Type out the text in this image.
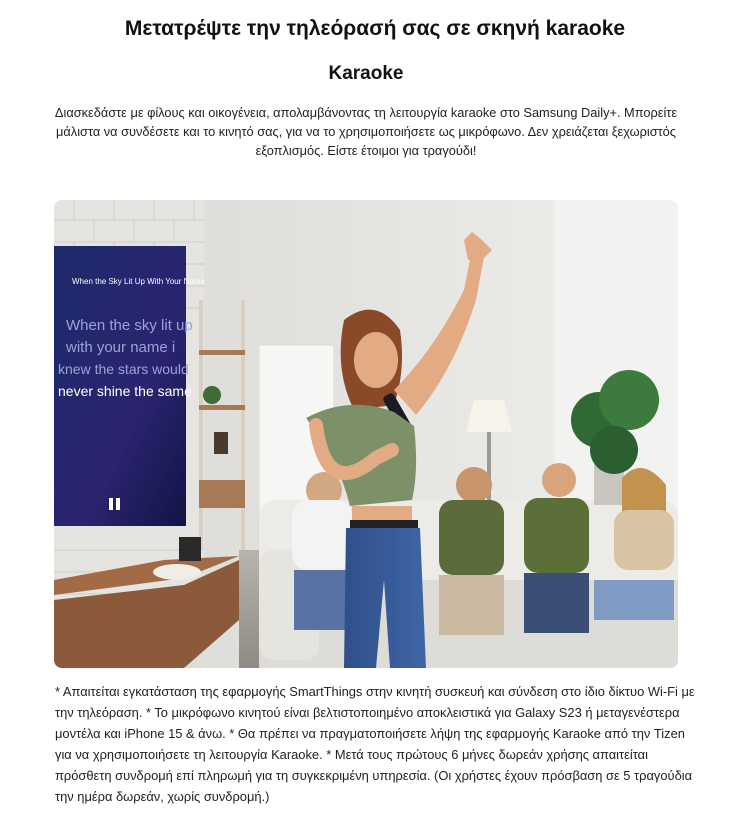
Μετατρέψτε την τηλεόρασή σας σε σκηνή karaoke
Karaoke

Διασκεδάστε με φίλους και οικογένεια, απολαμβάνοντας τη λειτουργία karaoke στο Samsung Daily+. Μπορείτε μάλιστα να συνδέσετε και το κινητό σας, για να το χρησιμοποιήσετε ως μικρόφωνο. Δεν χρειάζεται ξεχωριστός εξοπλισμός. Είστε έτοιμοι για τραγούδι!

When the Sky Lit Up With Your Name
When the sky lit up
with your name i
knew the stars would
never shine the same

* Απαιτείται εγκατάσταση της εφαρμογής SmartThings στην κινητή συσκευή και σύνδεση στο ίδιο δίκτυο Wi-Fi με την τηλεόραση. * Το μικρόφωνο κινητού είναι βελτιστοποιημένο αποκλειστικά για Galaxy S23 ή μεταγενέστερα μοντέλα και iPhone 15 & άνω. * Θα πρέπει να πραγματοποιήσετε λήψη της εφαρμογής Karaoke από την Tizen για να χρησιμοποιήσετε τη λειτουργία Karaoke. * Μετά τους πρώτους 6 μήνες δωρεάν χρήσης απαιτείται πρόσθετη συνδρομή επί πληρωμή για τη συγκεκριμένη υπηρεσία. (Οι χρήστες έχουν πρόσβαση σε 5 τραγούδια την ημέρα δωρεάν, χωρίς συνδρομή.)
